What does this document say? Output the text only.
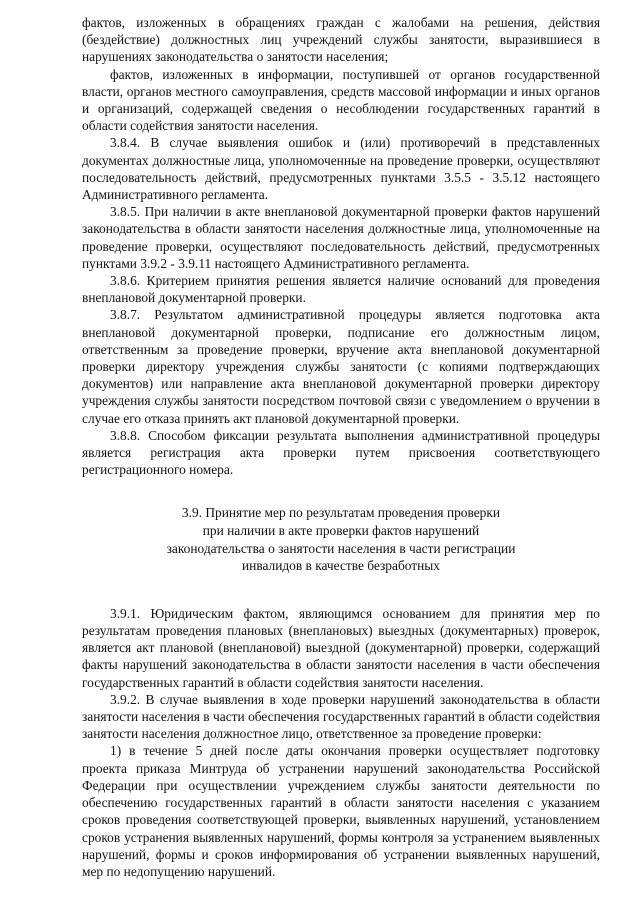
фактов, изложенных в обращениях граждан с жалобами на решения, действия (бездействие) должностных лиц учреждений службы занятости, выразившиеся в нарушениях законодательства о занятости населения;

фактов, изложенных в информации, поступившей от органов государственной власти, органов местного самоуправления, средств массовой информации и иных органов и организаций, содержащей сведения о несоблюдении государственных гарантий в области содействия занятости населения.

3.8.4. В случае выявления ошибок и (или) противоречий в представленных документах должностные лица, уполномоченные на проведение проверки, осуществляют последовательность действий, предусмотренных пунктами 3.5.5 - 3.5.12 настоящего Административного регламента.

3.8.5. При наличии в акте внеплановой документарной проверки фактов нарушений законодательства в области занятости населения должностные лица, уполномоченные на проведение проверки, осуществляют последовательность действий, предусмотренных пунктами 3.9.2 - 3.9.11 настоящего Административного регламента.

3.8.6. Критерием принятия решения является наличие оснований для проведения внеплановой документарной проверки.

3.8.7. Результатом административной процедуры является подготовка акта внеплановой документарной проверки, подписание его должностным лицом, ответственным за проведение проверки, вручение акта внеплановой документарной проверки директору учреждения службы занятости (с копиями подтверждающих документов) или направление акта внеплановой документарной проверки директору учреждения службы занятости посредством почтовой связи с уведомлением о вручении в случае его отказа принять акт плановой документарной проверки.

3.8.8. Способом фиксации результата выполнения административной процедуры является регистрация акта проверки путем присвоения соответствующего регистрационного номера.

3.9. Принятие мер по результатам проведения проверки
при наличии в акте проверки фактов нарушений
законодательства о занятости населения в части регистрации
инвалидов в качестве безработных

3.9.1. Юридическим фактом, являющимся основанием для принятия мер по результатам проведения плановых (внеплановых) выездных (документарных) проверок, является акт плановой (внеплановой) выездной (документарной) проверки, содержащий факты нарушений законодательства в области занятости населения в части обеспечения государственных гарантий в области содействия занятости населения.

3.9.2. В случае выявления в ходе проверки нарушений законодательства в области занятости населения в части обеспечения государственных гарантий в области содействия занятости населения должностное лицо, ответственное за проведение проверки:

1) в течение 5 дней после даты окончания проверки осуществляет подготовку проекта приказа Минтруда об устранении нарушений законодательства Российской Федерации при осуществлении учреждением службы занятости деятельности по обеспечению государственных гарантий в области занятости населения с указанием сроков проведения соответствующей проверки, выявленных нарушений, установлением сроков устранения выявленных нарушений, формы контроля за устранением выявленных нарушений, формы и сроков информирования об устранении выявленных нарушений, мер по недопущению нарушений.
